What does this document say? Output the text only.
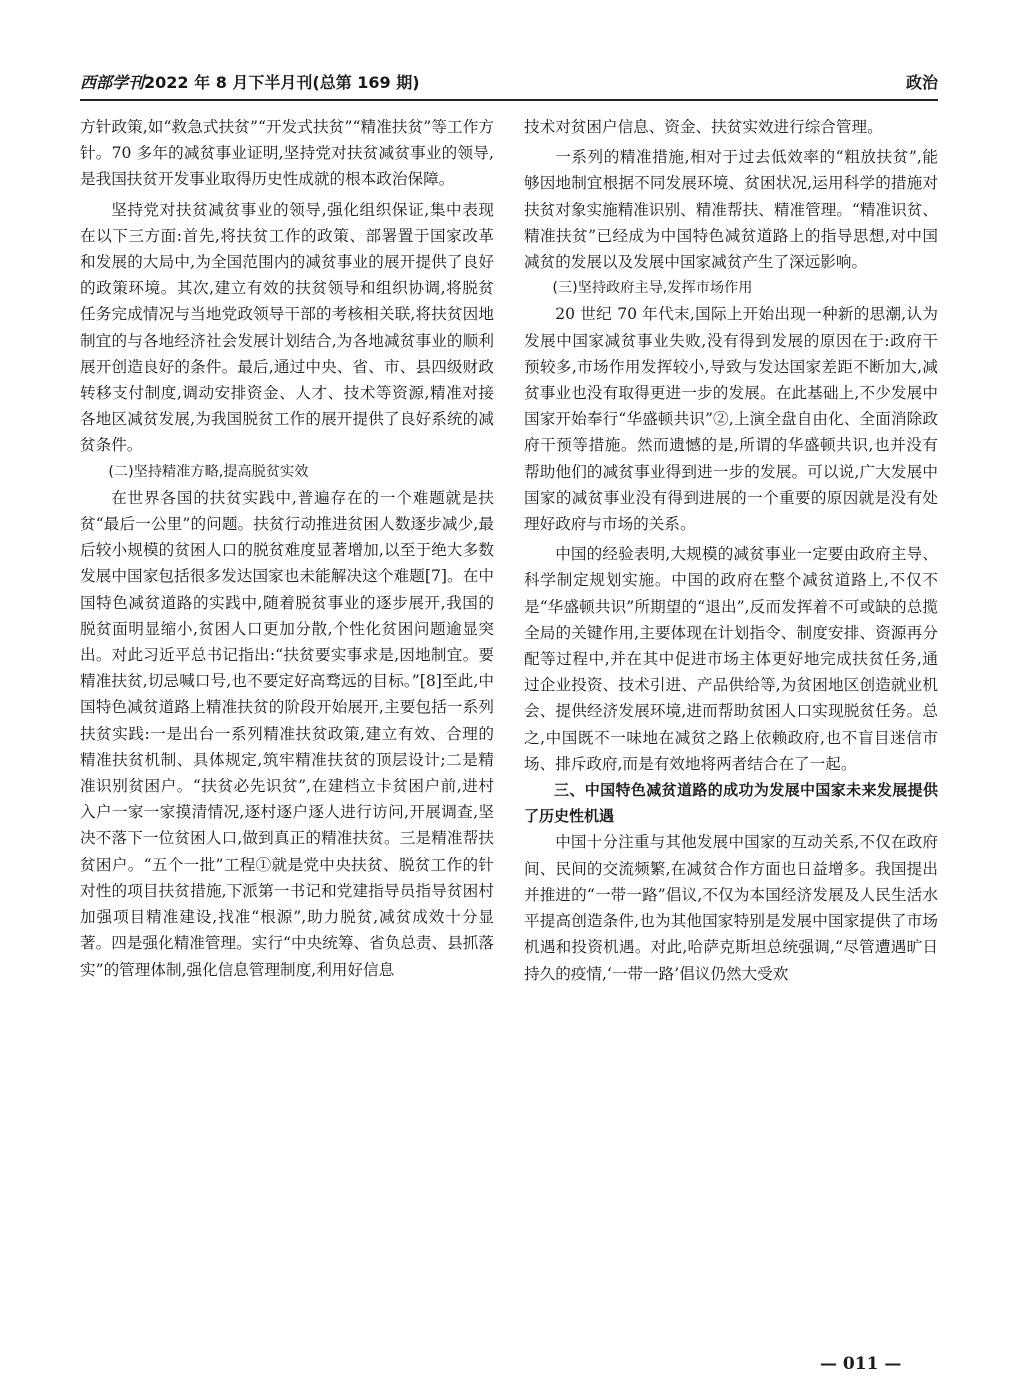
西部学刊2022 年 8 月下半月刊(总第 169 期)	政治

方针政策,如“救急式扶贫”“开发式扶贫”“精准扶贫”等工作方针。70 多年的减贫事业证明,坚持党对扶贫减贫事业的领导,是我国扶贫开发事业取得历史性成就的根本政治保障。

坚持党对扶贫减贫事业的领导,强化组织保证,集中表现在以下三方面:首先,将扶贫工作的政策、部署置于国家改革和发展的大局中,为全国范围内的减贫事业的展开提供了良好的政策环境。其次,建立有效的扶贫领导和组织协调,将脱贫任务完成情况与当地党政领导干部的考核相关联,将扶贫因地制宜的与各地经济社会发展计划结合,为各地减贫事业的顺利展开创造良好的条件。最后,通过中央、省、市、县四级财政转移支付制度,调动安排资金、人才、技术等资源,精准对接各地区减贫发展,为我国脱贫工作的展开提供了良好系统的减贫条件。

(二)坚持精准方略,提高脱贫实效

在世界各国的扶贫实践中,普遍存在的一个难题就是扶贫“最后一公里”的问题。扶贫行动推进贫困人数逐步减少,最后较小规模的贫困人口的脱贫难度显著增加,以至于绝大多数发展中国家包括很多发达国家也未能解决这个难题[7]。在中国特色减贫道路的实践中,随着脱贫事业的逐步展开,我国的脱贫面明显缩小,贫困人口更加分散,个性化贫困问题逾显突出。对此习近平总书记指出:“扶贫要实事求是,因地制宜。要精准扶贫,切忌喊口号,也不要定好高骛远的目标。”[8]至此,中国特色减贫道路上精准扶贫的阶段开始展开,主要包括一系列扶贫实践:一是出台一系列精准扶贫政策,建立有效、合理的精准扶贫机制、具体规定,筑牢精准扶贫的顶层设计;二是精准识别贫困户。“扶贫必先识贫”,在建档立卡贫困户前,进村入户一家一家摸清情况,逐村逐户逐人进行访问,开展调查,坚决不落下一位贫困人口,做到真正的精准扶贫。三是精准帮扶贫困户。“五个一批”工程①就是党中央扶贫、脱贫工作的针对性的项目扶贫措施,下派第一书记和党建指导员指导贫困村加强项目精准建设,找准“根源”,助力脱贫,减贫成效十分显著。四是强化精准管理。实行“中央统筹、省负总责、县抓落实”的管理体制,强化信息管理制度,利用好信息

技术对贫困户信息、资金、扶贫实效进行综合管理。

一系列的精准措施,相对于过去低效率的“粗放扶贫”,能够因地制宜根据不同发展环境、贫困状况,运用科学的措施对扶贫对象实施精准识别、精准帮扶、精准管理。“精准识贫、精准扶贫”已经成为中国特色减贫道路上的指导思想,对中国减贫的发展以及发展中国家减贫产生了深远影响。

(三)坚持政府主导,发挥市场作用

20 世纪 70 年代末,国际上开始出现一种新的思潮,认为发展中国家减贫事业失败,没有得到发展的原因在于:政府干预较多,市场作用发挥较小,导致与发达国家差距不断加大,减贫事业也没有取得更进一步的发展。在此基础上,不少发展中国家开始奉行“华盛顿共识”②,上演全盘自由化、全面消除政府干预等措施。然而遗憾的是,所谓的华盛顿共识,也并没有帮助他们的减贫事业得到进一步的发展。可以说,广大发展中国家的减贫事业没有得到进展的一个重要的原因就是没有处理好政府与市场的关系。

中国的经验表明,大规模的减贫事业一定要由政府主导、科学制定规划实施。中国的政府在整个减贫道路上,不仅不是“华盛顿共识”所期望的“退出”,反而发挥着不可或缺的总揽全局的关键作用,主要体现在计划指令、制度安排、资源再分配等过程中,并在其中促进市场主体更好地完成扶贫任务,通过企业投资、技术引进、产品供给等,为贫困地区创造就业机会、提供经济发展环境,进而帮助贫困人口实现脱贫任务。总之,中国既不一味地在减贫之路上依赖政府,也不盲目迷信市场、排斥政府,而是有效地将两者结合在了一起。

三、中国特色减贫道路的成功为发展中国家未来发展提供了历史性机遇

中国十分注重与其他发展中国家的互动关系,不仅在政府间、民间的交流频繁,在减贫合作方面也日益增多。我国提出并推进的“一带一路”倡议,不仅为本国经济发展及人民生活水平提高创造条件,也为其他国家特别是发展中国家提供了市场机遇和投资机遇。对此,哈萨克斯坦总统强调,“尽管遭遇旷日持久的疫情,‘一带一路’倡议仍然大受欢

— 011 —
